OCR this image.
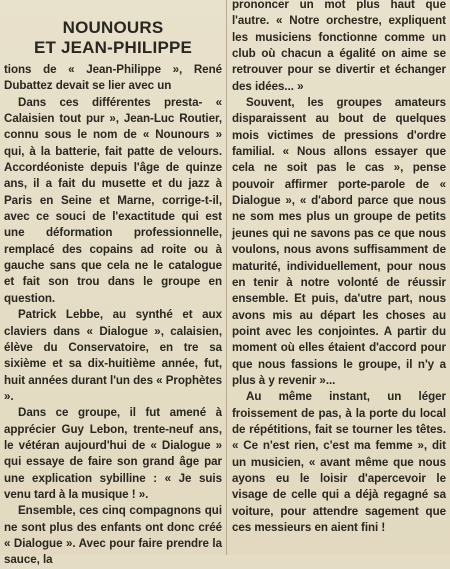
NOUNOURS
ET JEAN-PHILIPPE

tions de « Jean-Philippe », René Dubattez devait se lier avec un

Dans ces différentes presta- « Calaisien tout pur », Jean-Luc Routier, connu sous le nom de « Nounours » qui, à la batterie, fait patte de velours. Accordéoniste depuis l'âge de quinze ans, il a fait du musette et du jazz à Paris en Seine et Marne, corrige-t-il, avec ce souci de l'exactitude qui est une déformation professionnelle, remplacé des copains ad roite ou à gauche sans que cela ne le catalogue et fait son trou dans le groupe en question.

Patrick Lebbe, au synthé et aux claviers dans « Dialogue », calaisien, élève du Conservatoire, en tre sa sixième et sa dix-huitième année, fut, huit années durant l'un des « Prophètes ».

Dans ce groupe, il fut amené à apprécier Guy Lebon, trente-neuf ans, le vétéran aujourd'hui de « Dialogue » qui essaye de faire son grand âge par une explication sybilline : « Je suis venu tard à la musique ! ».

Ensemble, ces cinq compagnons qui ne sont plus des enfants ont donc créé « Dialogue ». Avec pour faire prendre la sauce, la

prononcer un mot plus haut que l'autre. « Notre orchestre, expliquent les musiciens fonctionne comme un club où chacun a égalité on aime se retrouver pour se divertir et échanger des idées... »

Souvent, les groupes amateurs disparaissent au bout de quelques mois victimes de pressions d'ordre familial. « Nous allons essayer que cela ne soit pas le cas », pense pouvoir affirmer porte-parole de « Dialogue », « d'abord parce que nous ne som mes plus un groupe de petits jeunes qui ne savons pas ce que nous voulons, nous avons suffisamment de maturité, individuellement, pour nous en tenir à notre volonté de réussir ensemble. Et puis, da'utre part, nous avons mis au départ les choses au point avec les conjointes. A partir du moment où elles étaient d'accord pour que nous fassions le groupe, il n'y a plus à y revenir »...

Au même instant, un léger froissement de pas, à la porte du local de répétitions, fait se tourner les têtes. « Ce n'est rien, c'est ma femme », dit un musicien, « avant même que nous ayons eu le loisir d'apercevoir le visage de celle qui a déjà regagné sa voiture, pour attendre sagement que ces messieurs en aient fini !
